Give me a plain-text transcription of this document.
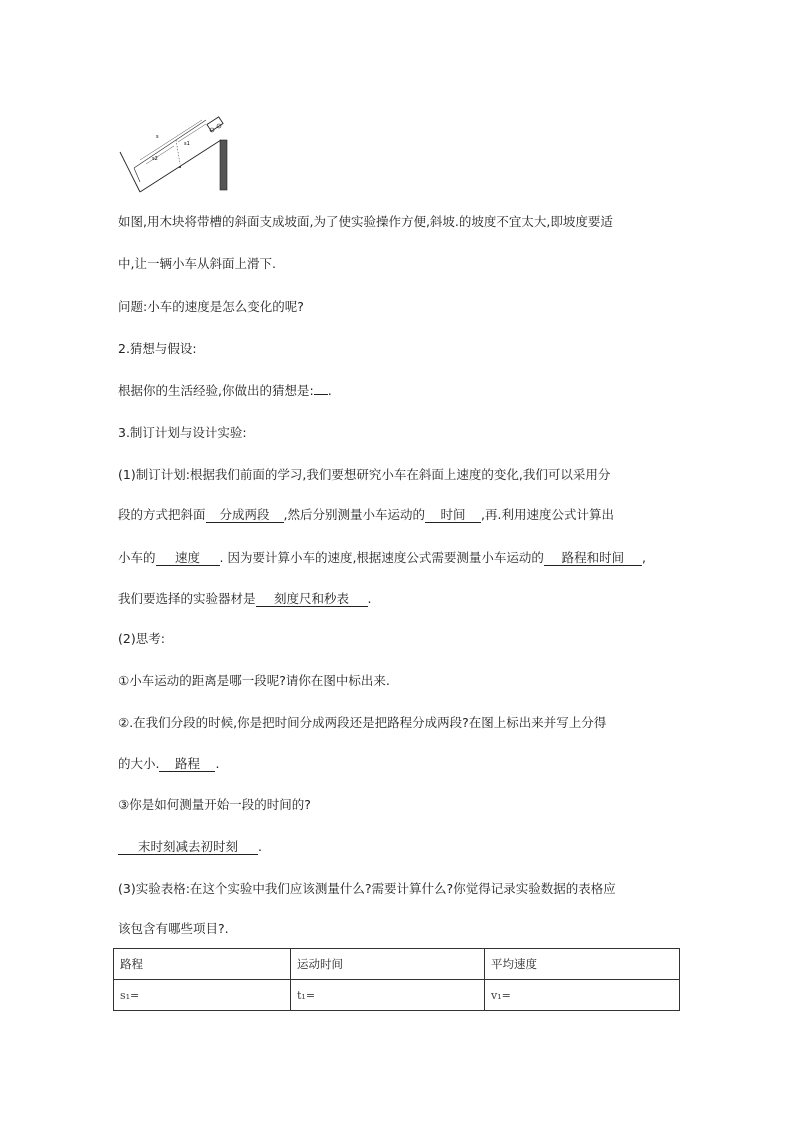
s
s1
s2
如图,用木块将带槽的斜面支成坡面,为了使实验操作方便,斜坡.的坡度不宜太大,即坡度要适
中,让一辆小车从斜面上滑下.
问题:小车的速度是怎么变化的呢?
2.猜想与假设:
根据你的生活经验,你做出的猜想是: .
3.制订计划与设计实验:
(1)制订计划:根据我们前面的学习,我们要想研究小车在斜面上速度的变化,我们可以采用分
段的方式把斜面 分成两段 ,然后分别测量小车运动的 时间 ,再.利用速度公式计算出
小车的 速度 . 因为要计算小车的速度,根据速度公式需要测量小车运动的 路程和时间 ,
我们要选择的实验器材是 刻度尺和秒表 .
(2)思考:
①小车运动的距离是哪一段呢?请你在图中标出来.
②.在我们分段的时候,你是把时间分成两段还是把路程分成两段?在图上标出来并写上分得
的大小. 路程 .
③你是如何测量开始一段的时间的?
末时刻减去初时刻 .
(3)实验表格:在这个实验中我们应该测量什么?需要计算什么?你觉得记录实验数据的表格应
该包含有哪些项目?.
路程	运动时间	平均速度
s₁=	t₁=	v₁=
